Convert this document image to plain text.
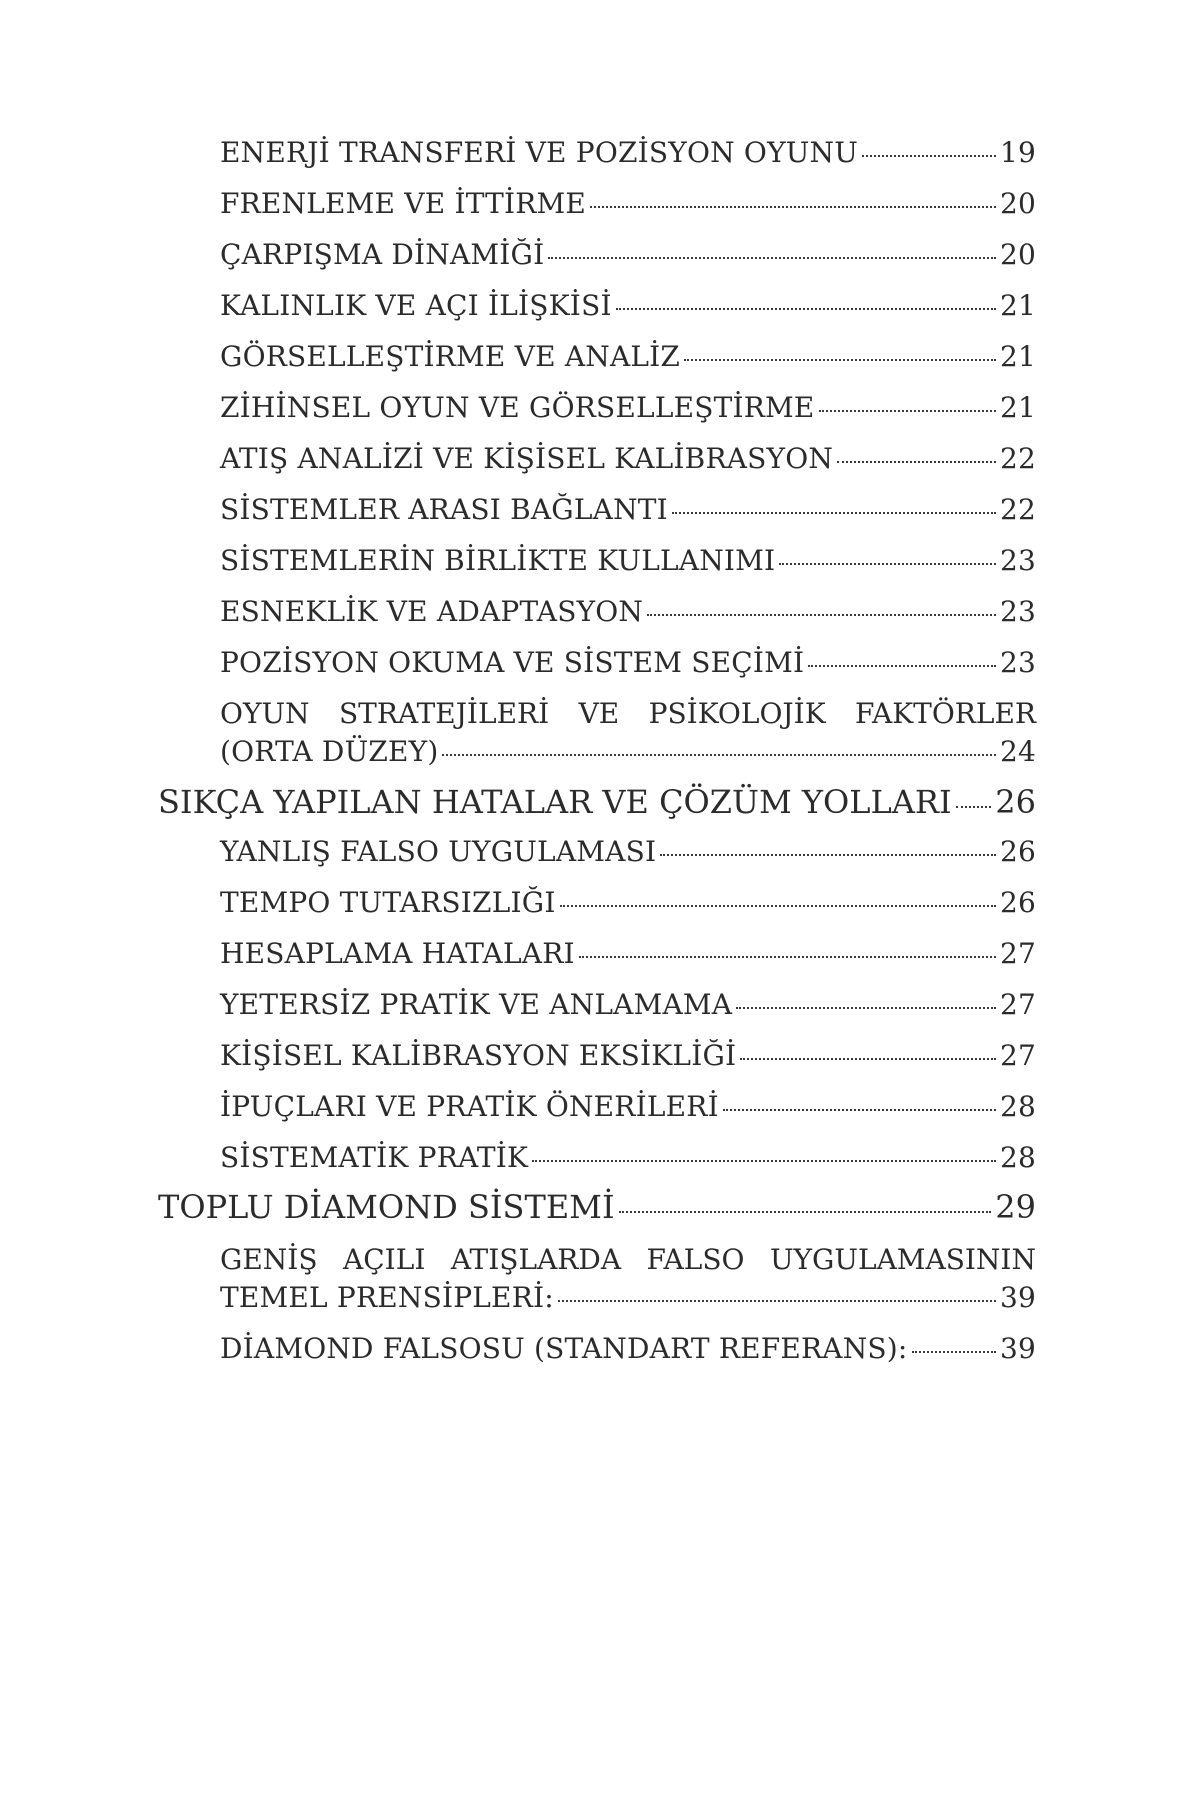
ENERJİ TRANSFERİ VE POZİSYON OYUNU	19
FRENLEME VE İTTİRME	20
ÇARPIŞMA DİNAMİĞİ	20
KALINLIK VE AÇI İLİŞKİSİ	21
GÖRSELLEŞTİRME VE ANALİZ	21
ZİHİNSEL OYUN VE GÖRSELLEŞTİRME	21
ATIŞ ANALİZİ VE KİŞİSEL KALİBRASYON	22
SİSTEMLER ARASI BAĞLANTI	22
SİSTEMLERİN BİRLİKTE KULLANIMI	23
ESNEKLİK VE ADAPTASYON	23
POZİSYON OKUMA VE SİSTEM SEÇİMİ	23
OYUN STRATEJİLERİ VE PSİKOLOJİK FAKTÖRLER
(ORTA DÜZEY)	24
SIKÇA YAPILAN HATALAR VE ÇÖZÜM YOLLARI 26
YANLIŞ FALSO UYGULAMASI	26
TEMPO TUTARSIZLIĞI	26
HESAPLAMA HATALARI	27
YETERSİZ PRATİK VE ANLAMAMA	27
KİŞİSEL KALİBRASYON EKSİKLİĞİ	27
İPUÇLARI VE PRATİK ÖNERİLERİ	28
SİSTEMATİK PRATİK	28
TOPLU DİAMOND SİSTEMİ	29
GENİŞ AÇILI ATIŞLARDA FALSO UYGULAMASININ
TEMEL PRENSİPLERİ:	39
DİAMOND FALSOSU (STANDART REFERANS):	39
